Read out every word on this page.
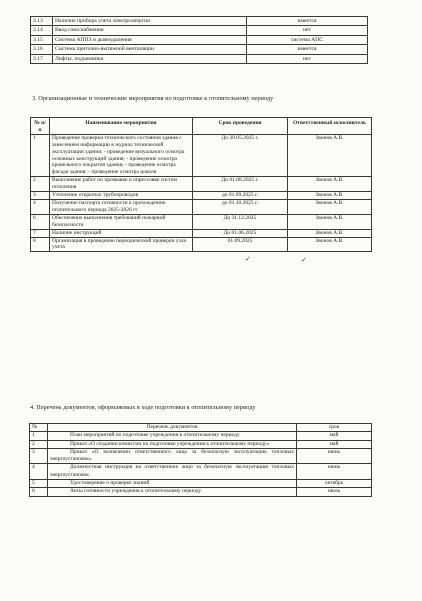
3.13	Наличие прибора учета электроэнергии	имеется
3.14	Ввод газоснабжения	нет
3.15	Система АППЗ и дымоудаления	система АПС
3.16	Система приточно-вытяжной вентиляции	имеется
3.17	Лифты, подъемники	нет
3. Организационные и технические мероприятия по подготовке к отопительному периоду
№ п/п	Наименование мероприятия	Срок проведения	Ответственный исполнитель
1	Проведение проверки технического состояния здания с занесением информации в журнал технической эксплуатации здания: - проведение визуального осмотра основных конструкций здания; - проведение осмотра кровельного покрытия здания; - проведение осмотра фасада здания; - проведение осмотра цоколя	До 30.05.2025 г.	Звонов А.В.
2	Выполнение работ по промывке и опрессовке систем отопления	До 01.08.2025 г.	Звонов А.В.
3	Утепление открытых трубопроводов	до 01.09.2025 г.	Звонов А.В.
4	Получение паспорта готовности к прохождению отопительного периода 2025-2026 гг.	до 01.10.2025 г.	Звонов А.В.
6	Обеспечение выполнения требований пожарной безопасности	До 31.12.2025	Звонов А.В.
7	Наличие инструкций	До 01.06.2025	Звонов А.В.
8	Организация в проведение периодической проверки узла учета	01.09.2025	Звонов А.В.
✓	✓
4. Перечень документов, оформляемых в ходе подготовки к отопительному периоду
№	Перечень документов	срок
1	Плaн мероприятий по подготовке учреждения к отопительному периоду	май
2	Приказ «О создании комиссии по подготовке учреждения к отопительному периоду»	май
3	Приказ «О назначении ответственного лица за безопасную эксплуатацию тепловых энергоустановок»	июнь
4	Должностная инструкция на ответственное лицо за безопасную эксплуатацию тепловых энергоустановок	июнь
5	Удостоверение о проверке знаний	октябрь
6	Акты готовности учреждения к отопительному периоду	июль
